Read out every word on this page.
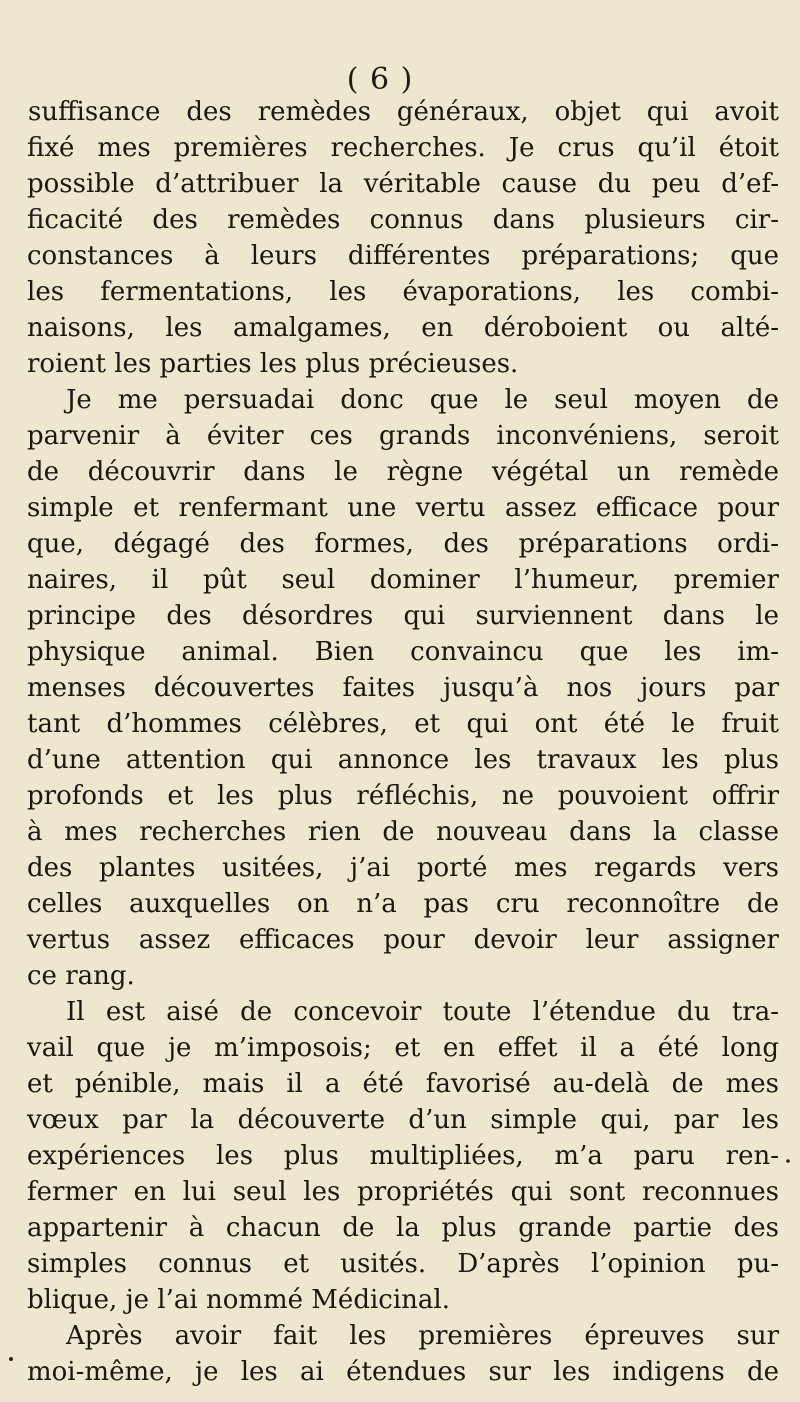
( 6 )
suffisance des remèdes généraux, objet qui avoit
fixé mes premières recherches. Je crus qu’il étoit
possible d’attribuer la véritable cause du peu d’ef-
ficacité des remèdes connus dans plusieurs cir-
constances à leurs différentes préparations; que
les fermentations, les évaporations, les combi-
naisons, les amalgames, en déroboient ou alté-
roient les parties les plus précieuses.
Je me persuadai donc que le seul moyen de
parvenir à éviter ces grands inconvéniens, seroit
de découvrir dans le règne végétal un remède
simple et renfermant une vertu assez efficace pour
que, dégagé des formes, des préparations ordi-
naires, il pût seul dominer l’humeur, premier
principe des désordres qui surviennent dans le
physique animal. Bien convaincu que les im-
menses découvertes faites jusqu’à nos jours par
tant d’hommes célèbres, et qui ont été le fruit
d’une attention qui annonce les travaux les plus
profonds et les plus réfléchis, ne pouvoient offrir
à mes recherches rien de nouveau dans la classe
des plantes usitées, j’ai porté mes regards vers
celles auxquelles on n’a pas cru reconnoître de
vertus assez efficaces pour devoir leur assigner
ce rang.
Il est aisé de concevoir toute l’étendue du tra-
vail que je m’imposois; et en effet il a été long
et pénible, mais il a été favorisé au-delà de mes
vœux par la découverte d’un simple qui, par les
expériences les plus multipliées, m’a paru ren-
fermer en lui seul les propriétés qui sont reconnues
appartenir à chacun de la plus grande partie des
simples connus et usités. D’après l’opinion pu-
blique, je l’ai nommé Médicinal.
Après avoir fait les premières épreuves sur
moi-même, je les ai étendues sur les indigens de
